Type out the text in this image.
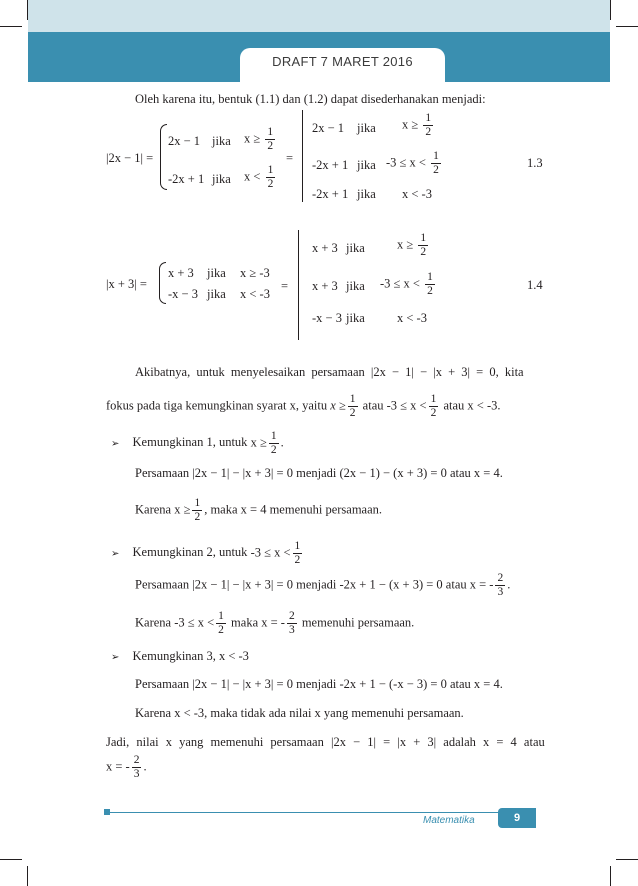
DRAFT 7 MARET 2016
Oleh karena itu, bentuk (1.1) dan (1.2) dapat disederhanakan menjadi:
|2x − 1| =
2x − 1 jika $x \ge \frac{1}{2}$
-2x + 1 jika $x < \frac{1}{2}$
=
2x − 1 jika $x \ge \frac{1}{2}$
-2x + 1 jika $-3 \le x < \frac{1}{2}$
-2x + 1 jika x < -3
1.3
|x + 3| =
x + 3 jika x ≥ -3
-x − 3 jika x < -3
=
x + 3 jika	$x \ge \frac{1}{2}$
x + 3 jika $-3 \le x < \frac{1}{2}$
-x − 3 jika	x < -3
1.4
Akibatnya, untuk menyelesaikan persamaan |2x − 1| − |x + 3| = 0, kita
fokus pada tiga kemungkinan syarat x, yaitu $x \ge \frac{1}{2}$ atau $-3 \le x < \frac{1}{2}$ atau x < -3.
➢ Kemungkinan 1, untuk $x \ge \frac{1}{2}$ .
Persamaan |2x − 1| − |x + 3| = 0 menjadi (2x − 1) − (x + 3) = 0 atau x = 4.
Karena $x \ge \frac{1}{2}$ , maka x = 4 memenuhi persamaan.
➢ Kemungkinan 2, untuk $-3 \le x < \frac{1}{2}$
Persamaan |2x − 1| − |x + 3| = 0 menjadi -2x + 1 − (x + 3) = 0 atau x = - $\frac{2}{3}$ .
Karena $-3 \le x < \frac{1}{2}$ maka x = - $\frac{2}{3}$ memenuhi persamaan.
➢ Kemungkinan 3, x < -3
Persamaan |2x − 1| − |x + 3| = 0 menjadi -2x + 1 − (-x − 3) = 0 atau x = 4.
Karena x < -3, maka tidak ada nilai x yang memenuhi persamaan.
Jadi, nilai x yang memenuhi persamaan |2x − 1| = |x + 3| adalah x = 4 atau
x = - $\frac{2}{3}$ .
Matematika	9
